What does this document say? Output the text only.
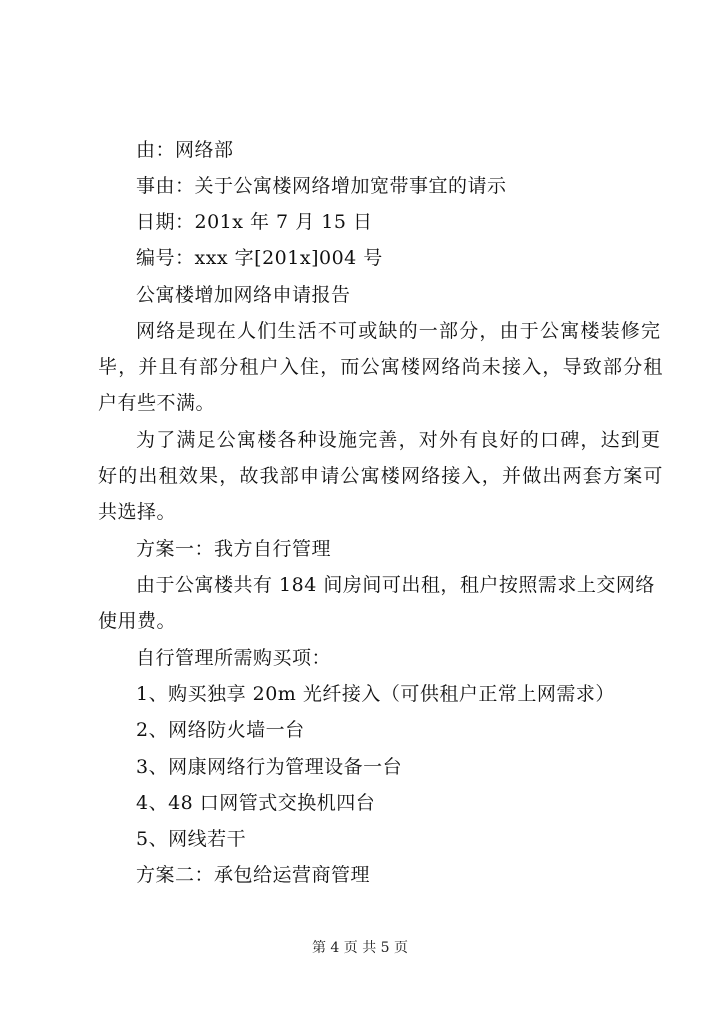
由：网络部
事由：关于公寓楼网络增加宽带事宜的请示
日期：201x 年 7 月 15 日
编号：xxx 字[201x]004 号
公寓楼增加网络申请报告
网络是现在人们生活不可或缺的一部分，由于公寓楼装修完
毕，并且有部分租户入住，而公寓楼网络尚未接入，导致部分租
户有些不满。
为了满足公寓楼各种设施完善，对外有良好的口碑，达到更
好的出租效果，故我部申请公寓楼网络接入，并做出两套方案可
共选择。
方案一：我方自行管理
由于公寓楼共有 184 间房间可出租，租户按照需求上交网络
使用费。
自行管理所需购买项：
1、购买独享 20m 光纤接入（可供租户正常上网需求）
2、网络防火墙一台
3、网康网络行为管理设备一台
4、48 口网管式交换机四台
5、网线若干
方案二：承包给运营商管理
第 4 页 共 5 页
